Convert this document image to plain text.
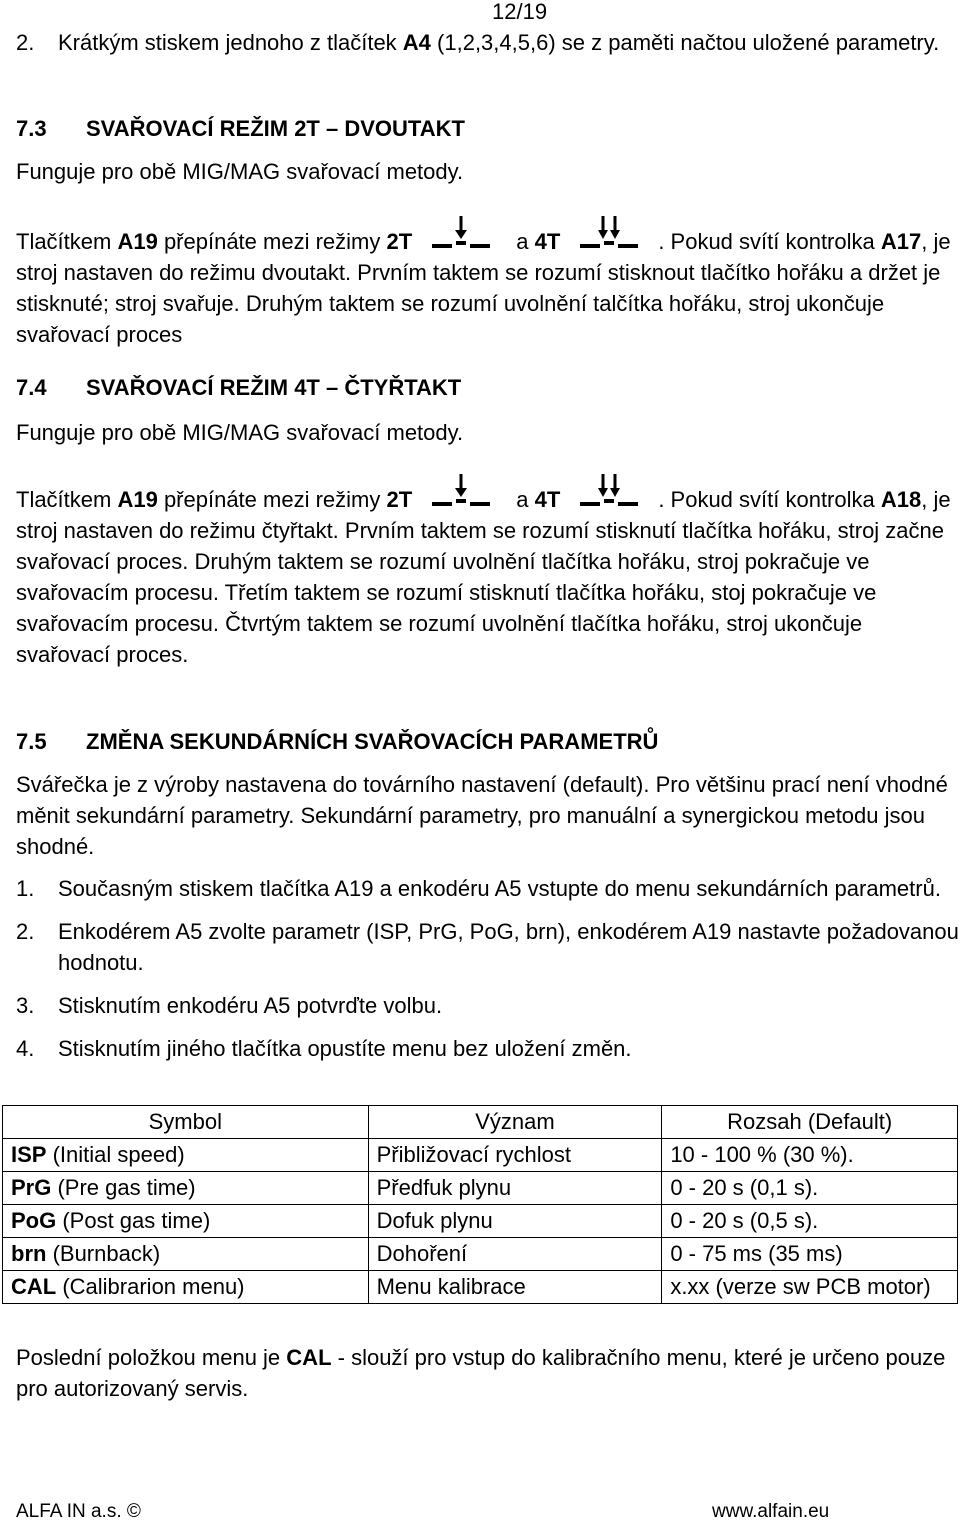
12/19
2. Krátkým stiskem jednoho z tlačítek A4 (1,2,3,4,5,6) se z paměti načtou uložené parametry.
7.3 SVAŘOVACÍ REŽIM 2T – DVOUTAKT
Funguje pro obě MIG/MAG svařovací metody.
Tlačítkem A19 přepínáte mezi režimy 2T	a 4T	. Pokud svítí kontrolka A17, je stroj nastaven do režimu dvoutakt. Prvním taktem se rozumí stisknout tlačítko hořáku a držet je stisknuté; stroj svařuje. Druhým taktem se rozumí uvolnění talčítka hořáku, stroj ukončuje svařovací proces
7.4 SVAŘOVACÍ REŽIM 4T – ČTYŘTAKT
Funguje pro obě MIG/MAG svařovací metody.
Tlačítkem A19 přepínáte mezi režimy 2T	a 4T	. Pokud svítí kontrolka A18, je stroj nastaven do režimu čtyřtakt. Prvním taktem se rozumí stisknutí tlačítka hořáku, stroj začne svařovací proces. Druhým taktem se rozumí uvolnění tlačítka hořáku, stroj pokračuje ve svařovacím procesu. Třetím taktem se rozumí stisknutí tlačítka hořáku, stoj pokračuje ve svařovacím procesu. Čtvrtým taktem se rozumí uvolnění tlačítka hořáku, stroj ukončuje svařovací proces.
7.5 ZMĚNA SEKUNDÁRNÍCH SVAŘOVACÍCH PARAMETRŮ
Svářečka je z výroby nastavena do továrního nastavení (default). Pro většinu prací není vhodné měnit sekundární parametry. Sekundární parametry, pro manuální a synergickou metodu jsou shodné.
1. Současným stiskem tlačítka A19 a enkodéru A5 vstupte do menu sekundárních parametrů.
2. Enkodérem A5 zvolte parametr (ISP, PrG, PoG, brn), enkodérem A19 nastavte požadovanou hodnotu.
3. Stisknutím enkodéru A5 potvrďte volbu.
4. Stisknutím jiného tlačítka opustíte menu bez uložení změn.
Symbol	Význam	Rozsah (Default)
ISP (Initial speed)	Přibližovací rychlost	10 - 100 % (30 %).
PrG (Pre gas time)	Předfuk plynu	0 - 20 s (0,1 s).
PoG (Post gas time)	Dofuk plynu	0 - 20 s (0,5 s).
brn (Burnback)	Dohoření	0 - 75 ms (35 ms)
CAL (Calibrarion menu)	Menu kalibrace	x.xx (verze sw PCB motor)
Poslední položkou menu je CAL - slouží pro vstup do kalibračního menu, které je určeno pouze pro autorizovaný servis.
ALFA IN a.s. ©	www.alfain.eu
